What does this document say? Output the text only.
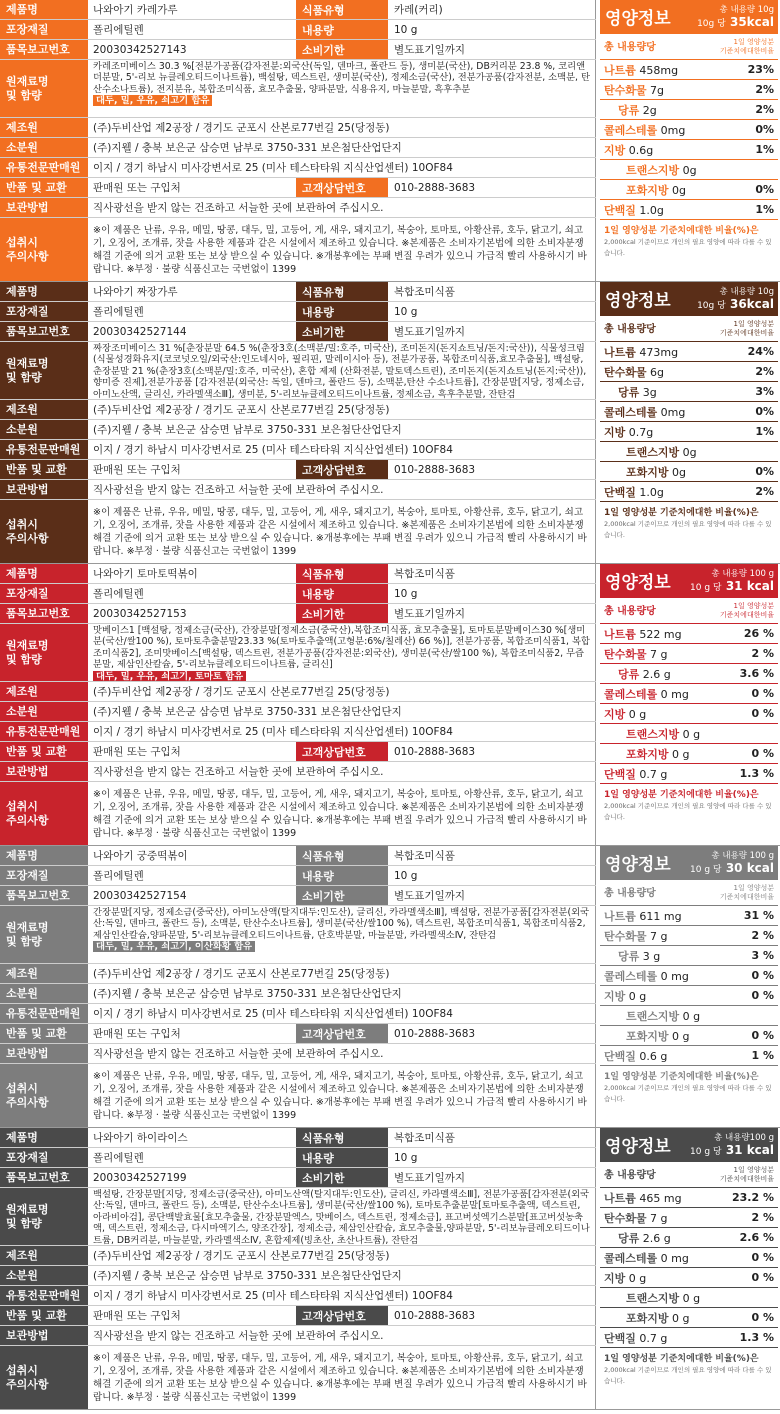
제품명	나와아기 카레가루	식품유형	카레(커리)
포장재질	폴리에틸렌	내용량	10 g
품목보고번호	20030342527143	소비기한	별도표기일까지
원재료명
및 함량
카레조미베이스 30.3 %[전분가공품(감자전분:외국산(독일, 덴마크, 폴란드 등), 생미분(국산), DB커리분 23.8 %, 코리앤더분말, 5'-리보 뉴클레오티드이나트륨), 백설탕, 덱스트린, 생미분(국산), 정제소금(국산), 전분가공품(감자전분, 소맥분, 탄산수소나트륨), 전지분유, 복합조미식품, 효모추출물, 양파분말, 식용유지, 마늘분말, 흑후추분
대두, 밀, 우유, 쇠고기 함유
제조원	(주)두비산업 제2공장 / 경기도 군포시 산본로77번길 25(당정동)
소분원	(주)지웰 / 충북 보은군 삼승면 남부로 3750-331 보은첨단산업단지
유통전문판매원	이지 / 경기 하남시 미사강변서로 25 (미사 테스타타워 지식산업센터) 10OF84
반품 및 교환	판매원 또는 구입처	고객상담번호	010-2888-3683
보관방법	직사광선을 받지 않는 건조하고 서늘한 곳에 보관하여 주십시오.
섭취시
주의사항
※이 제품은 난류, 우유, 메밀, 땅콩, 대두, 밀, 고등어, 게, 새우, 돼지고기, 복숭아, 토마토, 아황산류, 호두, 닭고기, 쇠고기, 오징어, 조개류, 잣을 사용한 제품과 같은 시설에서 제조하고 있습니다. ※본제품은 소비자기본법에 의한 소비자분쟁해결 기준에 의거 교환 또는 보상 받으실 수 있습니다. ※개봉후에는 부패 변질 우려가 있으니 가급적 빨리 사용하시기 바랍니다. ※부정 · 불량 식품신고는 국번없이 1399
영양정보	총 내용량 10g
10g 당 35kcal
총 내용량당	1일 영양성분
기준치에대한비율
나트륨 458mg	23%
탄수화물 7g	2%
당류 2g	2%
콜레스테롤 0mg	0%
지방 0.6g	1%
트랜스지방 0g
포화지방 0g	0%
단백질 1.0g	1%
1일 영양성분 기준치에대한 비율(%)은
2,000kcal 기준이므로 개인의 필요 영양에 따라 다를 수 있습니다.
제품명	나와아기 짜장가루	식품유형	복합조미식품
포장재질	폴리에틸렌	내용량	10 g
품목보고번호	20030342527144	소비기한	별도표기일까지
원재료명
및 함량
짜장조미베이스 31 %[춘장분말 64.5 %(춘장3호(소맥분/밀:호주, 미국산), 조미돈지(돈지쇼트닝/돈지:국산)), 식물성크림 (식물성경화유지(코코넛오일/외국산:인도네시아, 필리핀, 말레이시아 등), 전분가공품, 복합조미식품,효모추출물], 백설탕, 춘장분말 21 %(춘장3호(소맥분/밀:호주, 미국산), 혼합 제제 (산화전분, 말토덱스트린), 조미돈지(돈지쇼트닝(돈지:국산)), 향미증 진제],전분가공품 [감자전분(외국산: 독일, 덴마크, 폴란드 등), 소맥분,탄산 수소나트륨], 간장분말[지당, 정제소금, 아미노산액, 글리신, 카라멜색소Ⅲ], 생미분, 5'-리보뉴클레오티드이나트륨, 정제소금, 흑후추분말, 잔탄검
제조원	(주)두비산업 제2공장 / 경기도 군포시 산본로77번길 25(당정동)
소분원	(주)지웰 / 충북 보은군 삼승면 남부로 3750-331 보은첨단산업단지
유통전문판매원	이지 / 경기 하남시 미사강변서로 25 (미사 테스타타워 지식산업센터) 10OF84
반품 및 교환	판매원 또는 구입처	고객상담번호	010-2888-3683
보관방법	직사광선을 받지 않는 건조하고 서늘한 곳에 보관하여 주십시오.
섭취시
주의사항
※이 제품은 난류, 우유, 메밀, 땅콩, 대두, 밀, 고등어, 게, 새우, 돼지고기, 복숭아, 토마토, 아황산류, 호두, 닭고기, 쇠고기, 오징어, 조개류, 잣을 사용한 제품과 같은 시설에서 제조하고 있습니다. ※본제품은 소비자기본법에 의한 소비자분쟁해결 기준에 의거 교환 또는 보상 받으실 수 있습니다. ※개봉후에는 부패 변질 우려가 있으니 가급적 빨리 사용하시기 바랍니다. ※부정 · 불량 식품신고는 국번없이 1399
영양정보	총 내용량 10g
10g 당 36kcal
총 내용량당	1일 영양성분
기준치에대한비율
나트륨 473mg	24%
탄수화물 6g	2%
당류 3g	3%
콜레스테롤 0mg	0%
지방 0.7g	1%
트랜스지방 0g
포화지방 0g	0%
단백질 1.0g	2%
1일 영양성분 기준치에대한 비율(%)은
2,000kcal 기준이므로 개인의 필요 영양에 따라 다를 수 있습니다.
제품명	나와아기 토마토떡볶이	식품유형	복합조미식품
포장재질	폴리에틸렌	내용량	10 g
품목보고번호	20030342527153	소비기한	별도표기일까지
원재료명
및 함량
맛베이스1 [백설탕, 정제소금(국산), 간장분말[정제소금(중국산),복합조미식품, 효모추출물], 토마토분말베이스30 %[생미분(국산/쌀100 %), 토마토추출분말23.33 %(토마토추출액(고형분:6%/칠레산) 66 %)], 전분가공품, 복합조미식품1, 복합조미식품2], 조미맛베이스[백설탕, 덱스트린, 전분가공품(감자전분:외국산), 생미분(국산/쌀100 %), 복합조미식품2, 무즙분말, 제삼인산칼슘, 5'-리보뉴클레오티드이나트륨, 글리신]
대두, 밀, 우유, 쇠고기, 토마토 함유
제조원	(주)두비산업 제2공장 / 경기도 군포시 산본로77번길 25(당정동)
소분원	(주)지웰 / 충북 보은군 삼승면 남부로 3750-331 보은첨단산업단지
유통전문판매원	이지 / 경기 하남시 미사강변서로 25 (미사 테스타타워 지식산업센터) 10OF84
반품 및 교환	판매원 또는 구입처	고객상담번호	010-2888-3683
보관방법	직사광선을 받지 않는 건조하고 서늘한 곳에 보관하여 주십시오.
섭취시
주의사항
※이 제품은 난류, 우유, 메밀, 땅콩, 대두, 밀, 고등어, 게, 새우, 돼지고기, 복숭아, 토마토, 아황산류, 호두, 닭고기, 쇠고기, 오징어, 조개류, 잣을 사용한 제품과 같은 시설에서 제조하고 있습니다. ※본제품은 소비자기본법에 의한 소비자분쟁해결 기준에 의거 교환 또는 보상 받으실 수 있습니다. ※개봉후에는 부패 변질 우려가 있으니 가급적 빨리 사용하시기 바랍니다. ※부정 · 불량 식품신고는 국번없이 1399
영양정보	총 내용량 100 g
10 g 당 31 kcal
총 내용량당	1일 영양성분
기준치에대한비율
나트륨 522 mg	26 %
탄수화물 7 g	2 %
당류 2.6 g	3.6 %
콜레스테롤 0 mg	0 %
지방 0 g	0 %
트랜스지방 0 g
포화지방 0 g	0 %
단백질 0.7 g	1.3 %
1일 영양성분 기준치에대한 비율(%)은
2,000kcal 기준이므로 개인의 필요 영양에 따라 다를 수 있습니다.
제품명	나와아기 궁중떡볶이	식품유형	복합조미식품
포장재질	폴리에틸렌	내용량	10 g
품목보고번호	20030342527154	소비기한	별도표기일까지
원재료명
및 함량
간장분말[지당, 정제소금(중국산), 아미노산액(탈지대두:인도산), 글리신, 카라멜색소Ⅲ], 백설탕, 전분가공품[감자전분(외국산:독일, 덴마크, 폴란드 등), 소맥분, 탄산수소나트륨], 생미분(국산/쌀100 %), 덱스트린, 복합조미식품1, 복합조미식품2, 제삼인산칼슘,양파분말, 5'-리보뉴클레오티드이나트륨, 단호박분말, 마늘분말, 카라멜색소Ⅳ, 잔탄검
대두, 밀, 우유, 쇠고기, 이산화황 함유
제조원	(주)두비산업 제2공장 / 경기도 군포시 산본로77번길 25(당정동)
소분원	(주)지웰 / 충북 보은군 삼승면 남부로 3750-331 보은첨단산업단지
유통전문판매원	이지 / 경기 하남시 미사강변서로 25 (미사 테스타타워 지식산업센터) 10OF84
반품 및 교환	판매원 또는 구입처	고객상담번호	010-2888-3683
보관방법	직사광선을 받지 않는 건조하고 서늘한 곳에 보관하여 주십시오.
섭취시
주의사항
※이 제품은 난류, 우유, 메밀, 땅콩, 대두, 밀, 고등어, 게, 새우, 돼지고기, 복숭아, 토마토, 아황산류, 호두, 닭고기, 쇠고기, 오징어, 조개류, 잣을 사용한 제품과 같은 시설에서 제조하고 있습니다. ※본제품은 소비자기본법에 의한 소비자분쟁해결 기준에 의거 교환 또는 보상 받으실 수 있습니다. ※개봉후에는 부패 변질 우려가 있으니 가급적 빨리 사용하시기 바랍니다. ※부정 · 불량 식품신고는 국번없이 1399
영양정보	총 내용량 100 g
10 g 당 30 kcal
총 내용량당	1일 영양성분
기준치에대한비율
나트륨 611 mg	31 %
탄수화물 7 g	2 %
당류 3 g	3 %
콜레스테롤 0 mg	0 %
지방 0 g	0 %
트랜스지방 0 g
포화지방 0 g	0 %
단백질 0.6 g	1 %
1일 영양성분 기준치에대한 비율(%)은
2,000kcal 기준이므로 개인의 필요 영양에 따라 다를 수 있습니다.
제품명	나와아기 하이라이스	식품유형	복합조미식품
포장재질	폴리에틸렌	내용량	10 g
품목보고번호	20030342527199	소비기한	별도표기일까지
원재료명
및 함량
백설탕, 간장분말[지당, 정제소금(중국산), 아미노산액(탈지대두:인도산), 글리신, 카라멜색소Ⅲ], 전분가공품[감자전분(외국산:독일, 덴마크, 폴란드 등), 소맥분, 탄산수소나트륨], 생미분(국산/쌀100 %), 토마토추출분말[토마토추출액, 덱스트린, 아라비아검], 콩단백발효물[효모추출물, 간장분말엑스, 맛베이스, 덱스트린, 정제소금], 표고버섯엑기스분말[표고버섯농축액, 덱스트린, 정제소금, 다시마엑기스, 양조간장], 정제소금, 제삼인산칼슘, 효모추출물,양파분말, 5'-리보뉴클레오티드이나트륨, DB커리분, 마늘분말, 카라멜색소Ⅳ, 혼합제제(빙초산, 초산나트륨), 잔탄검
제조원	(주)두비산업 제2공장 / 경기도 군포시 산본로77번길 25(당정동)
소분원	(주)지웰 / 충북 보은군 삼승면 남부로 3750-331 보은첨단산업단지
유통전문판매원	이지 / 경기 하남시 미사강변서로 25 (미사 테스타타워 지식산업센터) 10OF84
반품 및 교환	판매원 또는 구입처	고객상담번호	010-2888-3683
보관방법	직사광선을 받지 않는 건조하고 서늘한 곳에 보관하여 주십시오.
섭취시
주의사항
※이 제품은 난류, 우유, 메밀, 땅콩, 대두, 밀, 고등어, 게, 새우, 돼지고기, 복숭아, 토마토, 아황산류, 호두, 닭고기, 쇠고기, 오징어, 조개류, 잣을 사용한 제품과 같은 시설에서 제조하고 있습니다. ※본제품은 소비자기본법에 의한 소비자분쟁해결 기준에 의거 교환 또는 보상 받으실 수 있습니다. ※개봉후에는 부패 변질 우려가 있으니 가급적 빨리 사용하시기 바랍니다. ※부정 · 불량 식품신고는 국번없이 1399
영양정보	총 내용량100 g
10 g 당 31 kcal
총 내용량당	1일 영양성분
기준치에대한비율
나트륨 465 mg	23.2 %
탄수화물 7 g	2 %
당류 2.6 g	2.6 %
콜레스테롤 0 mg	0 %
지방 0 g	0 %
트랜스지방 0 g
포화지방 0 g	0 %
단백질 0.7 g	1.3 %
1일 영양성분 기준치에대한 비율(%)은
2,000kcal 기준이므로 개인의 필요 영양에 따라 다를 수 있습니다.
